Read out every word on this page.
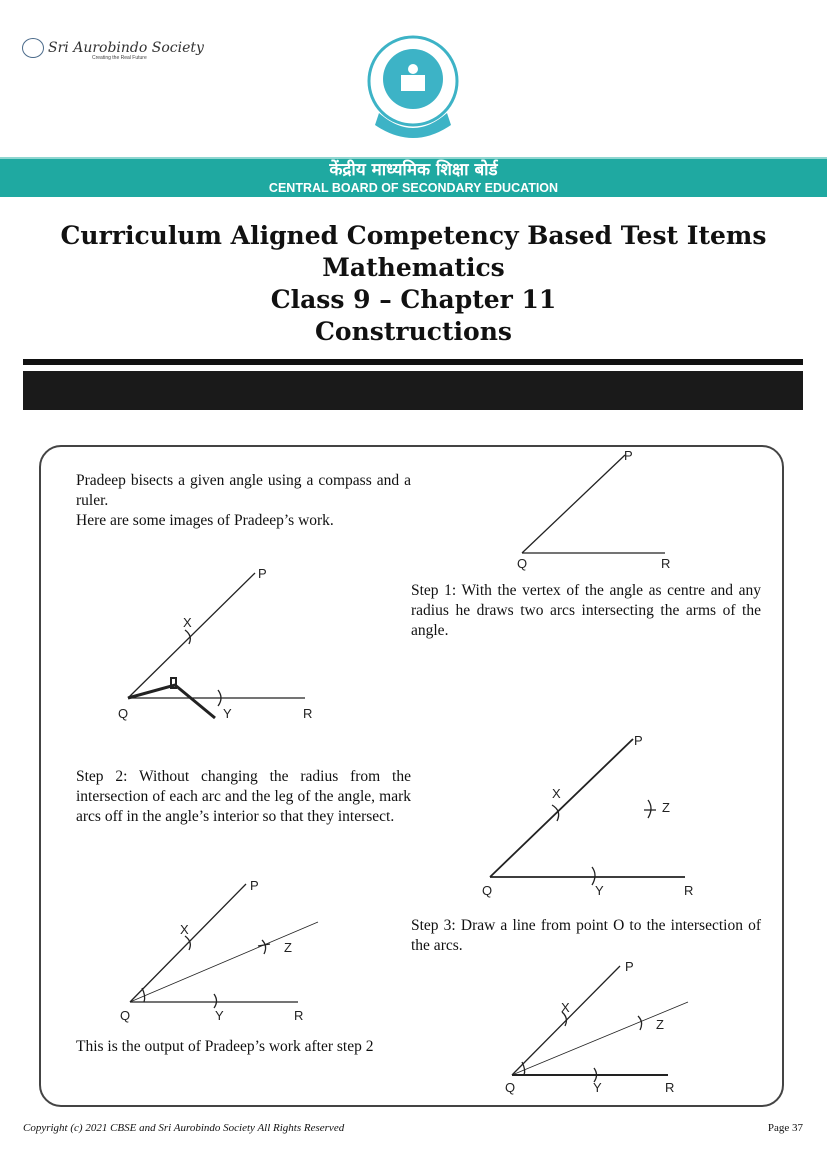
Sri Aurobindo Society
Creating the Real Future
केंद्रीय माध्यमिक शिक्षा बोर्ड
CENTRAL BOARD OF SECONDARY EDUCATION
Curriculum Aligned Competency Based Test Items
Mathematics
Class 9 – Chapter 11
Constructions
Pradeep bisects a given angle using a compass and a ruler.
Here are some images of Pradeep’s work.
Step 1: With the vertex of the angle as centre and any radius he draws two arcs intersecting the arms of the angle.
Step 2: Without changing the radius from the intersection of each arc and the leg of the angle, mark arcs off in the angle’s interior so that they intersect.
Step 3: Draw a line from point O to the intersection of the arcs.
This is the output of Pradeep’s work after step 2
P
Q	R
P
X
Q	Y	R
P
X
Z
Q	Y	R
P
X
Z
Q	Y	R
P
X
Z
Q	Y	R
Copyright (c) 2021 CBSE and Sri Aurobindo Society All Rights Reserved	Page 37
